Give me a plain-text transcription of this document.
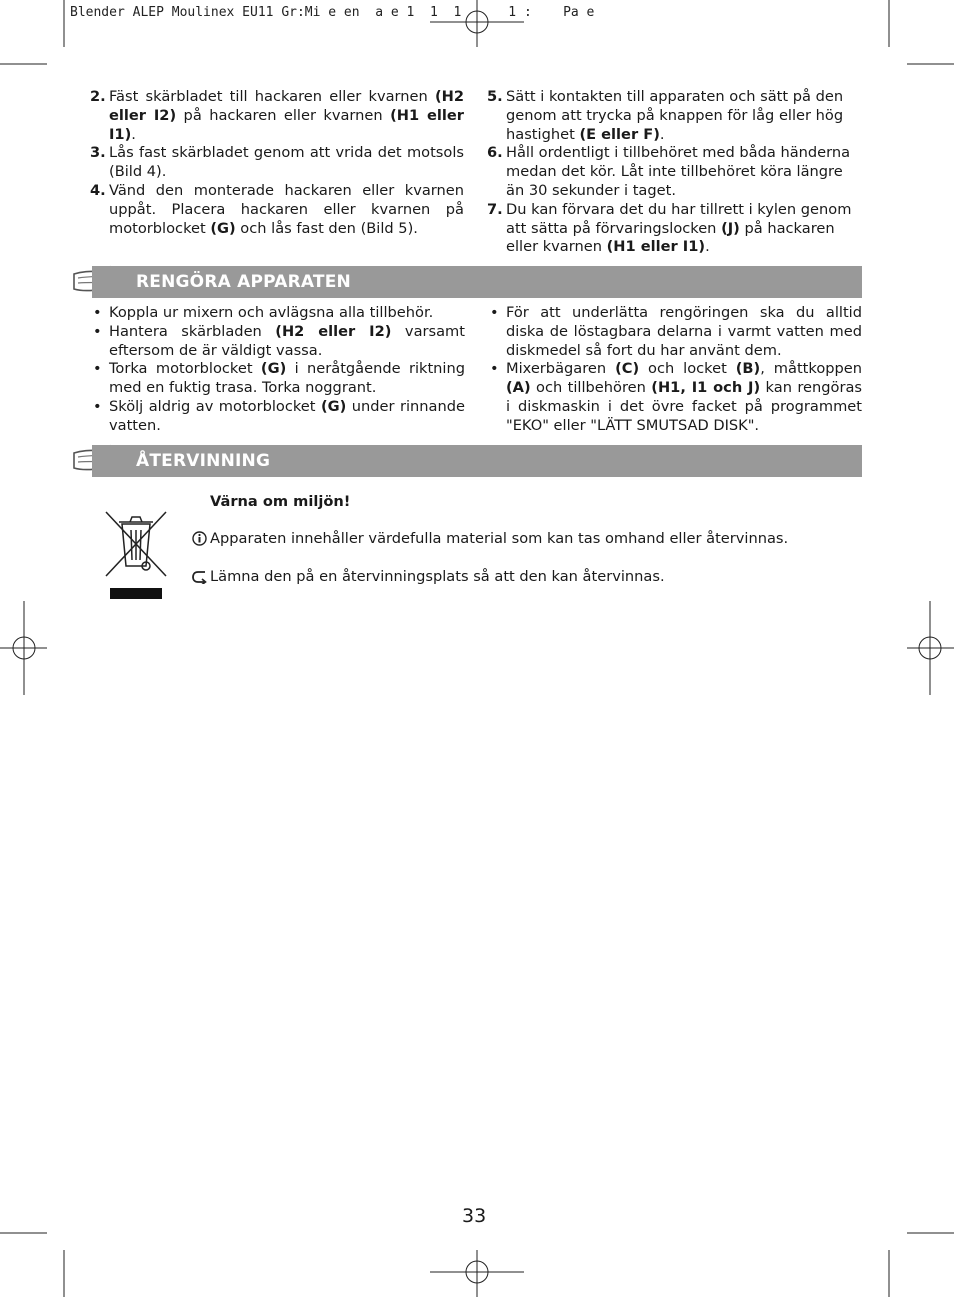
Blender ALEP Moulinex EU11 Gr:Mi e en  a e 1  1  1      1 :    Pa e
2. Fäst skärbladet till hackaren eller kvarnen (H2 eller I2) på hackaren eller kvarnen (H1 eller I1).
3. Lås fast skärbladet genom att vrida det motsols (Bild 4).
4. Vänd den monterade hackaren eller kvarnen uppåt. Placera hackaren eller kvarnen på motorblocket (G) och lås fast den (Bild 5).
5. Sätt i kontakten till apparaten och sätt på den genom att trycka på knappen för låg eller hög hastighet (E eller F).
6. Håll ordentligt i tillbehöret med båda händerna medan det kör. Låt inte tillbehöret köra längre än 30 sekunder i taget.
7. Du kan förvara det du har tillrett i kylen genom att sätta på förvaringslocken (J) på hackaren eller kvarnen (H1 eller I1).
RENGÖRA APPARATEN
• Koppla ur mixern och avlägsna alla tillbehör.
• Hantera skärbladen (H2 eller I2) varsamt eftersom de är väldigt vassa.
• Torka motorblocket (G) i neråtgående riktning med en fuktig trasa. Torka noggrant.
• Skölj aldrig av motorblocket (G) under rinnande vatten.
• För att underlätta rengöringen ska du alltid diska de löstagbara delarna i varmt vatten med diskmedel så fort du har använt dem.
• Mixerbägaren (C) och locket (B), måttkoppen (A) och tillbehören (H1, I1 och J) kan rengöras i diskmaskin i det övre facket på programmet "EKO" eller "LÄTT SMUTSAD DISK".
ÅTERVINNING
Värna om miljön!
Apparaten innehåller värdefulla material som kan tas omhand eller återvinnas.
Lämna den på en återvinningsplats så att den kan återvinnas.
33
